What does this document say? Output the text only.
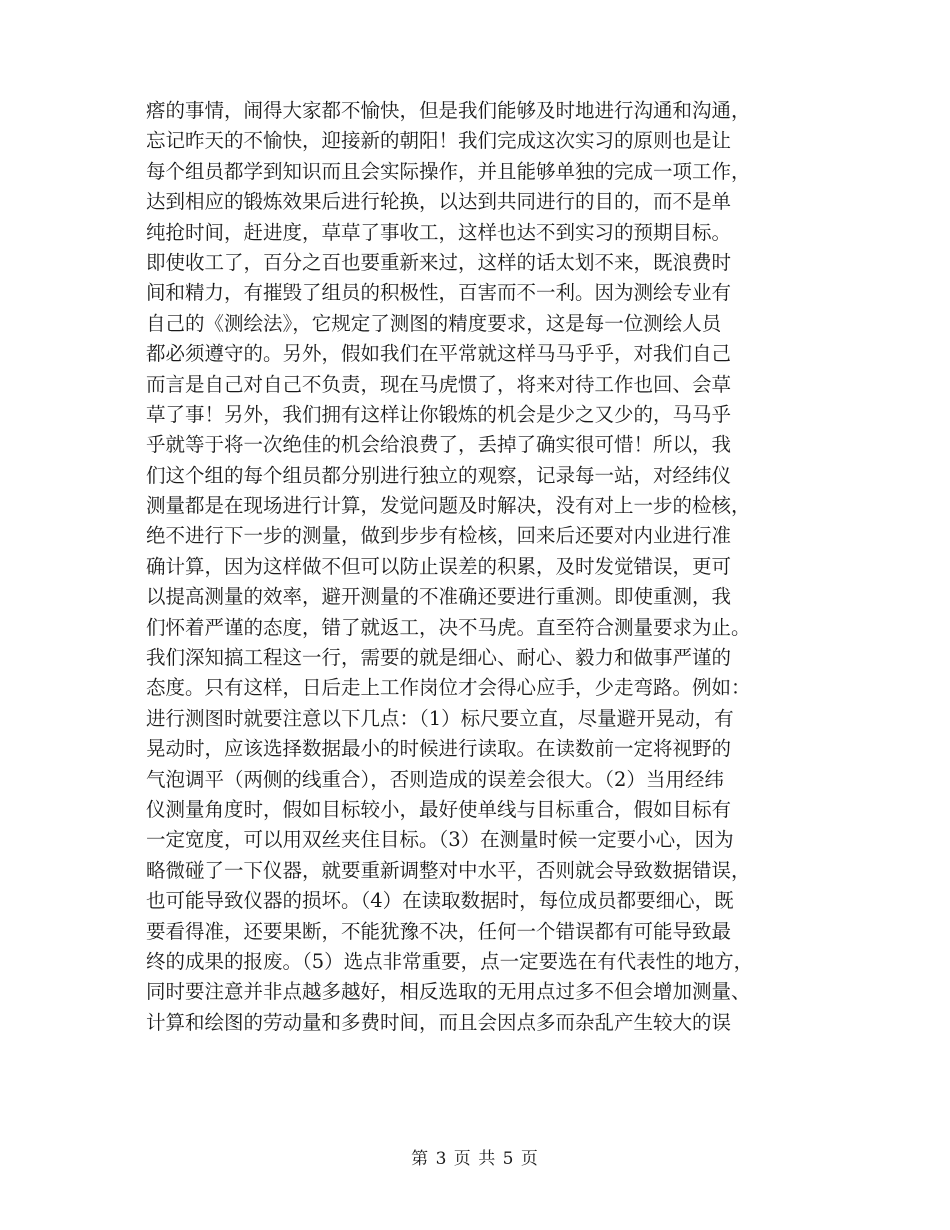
瘩的事情，闹得大家都不愉快，但是我们能够及时地进行沟通和沟通，
忘记昨天的不愉快，迎接新的朝阳！我们完成这次实习的原则也是让
每个组员都学到知识而且会实际操作，并且能够单独的完成一项工作，
达到相应的锻炼效果后进行轮换，以达到共同进行的目的，而不是单
纯抢时间，赶进度，草草了事收工，这样也达不到实习的预期目标。
即使收工了，百分之百也要重新来过，这样的话太划不来，既浪费时
间和精力，有摧毁了组员的积极性，百害而不一利。因为测绘专业有
自己的《测绘法》，它规定了测图的精度要求，这是每一位测绘人员
都必须遵守的。另外，假如我们在平常就这样马马乎乎，对我们自己
而言是自己对自己不负责，现在马虎惯了，将来对待工作也回、会草
草了事！另外，我们拥有这样让你锻炼的机会是少之又少的，马马乎
乎就等于将一次绝佳的机会给浪费了，丢掉了确实很可惜！所以，我
们这个组的每个组员都分别进行独立的观察，记录每一站，对经纬仪
测量都是在现场进行计算，发觉问题及时解决，没有对上一步的检核，
绝不进行下一步的测量，做到步步有检核，回来后还要对内业进行准
确计算，因为这样做不但可以防止误差的积累，及时发觉错误，更可
以提高测量的效率，避开测量的不准确还要进行重测。即使重测，我
们怀着严谨的态度，错了就返工，决不马虎。直至符合测量要求为止。
我们深知搞工程这一行，需要的就是细心、耐心、毅力和做事严谨的
态度。只有这样，日后走上工作岗位才会得心应手，少走弯路。例如：
进行测图时就要注意以下几点：（1）标尺要立直，尽量避开晃动，有
晃动时，应该选择数据最小的时候进行读取。在读数前一定将视野的
气泡调平（两侧的线重合），否则造成的误差会很大。（2）当用经纬
仪测量角度时，假如目标较小，最好使单线与目标重合，假如目标有
一定宽度，可以用双丝夹住目标。（3）在测量时候一定要小心，因为
略微碰了一下仪器，就要重新调整对中水平，否则就会导致数据错误，
也可能导致仪器的损坏。（4）在读取数据时，每位成员都要细心，既
要看得准，还要果断，不能犹豫不决，任何一个错误都有可能导致最
终的成果的报废。（5）选点非常重要，点一定要选在有代表性的地方，
同时要注意并非点越多越好，相反选取的无用点过多不但会增加测量、
计算和绘图的劳动量和多费时间，而且会因点多而杂乱产生较大的误
第 3 页 共 5 页
